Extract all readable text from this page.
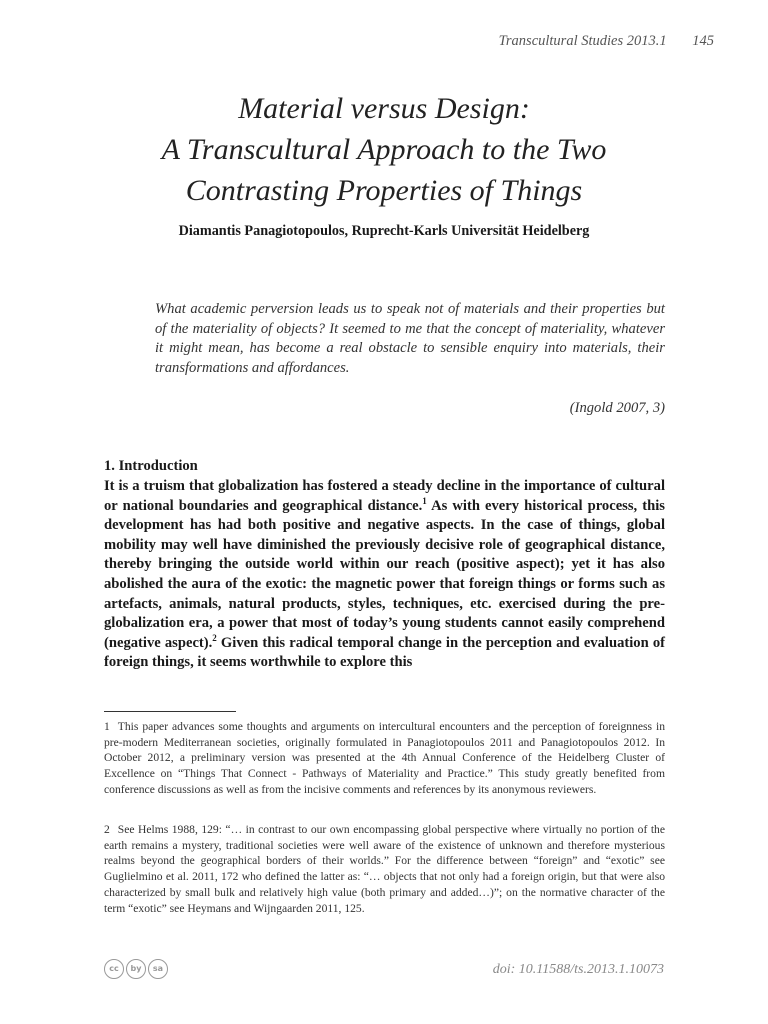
Transcultural Studies 2013.1 145
Material versus Design:
A Transcultural Approach to the Two
Contrasting Properties of Things
Diamantis Panagiotopoulos, Ruprecht-Karls Universität Heidelberg

What academic perversion leads us to speak not of materials and their properties but of the materiality of objects? It seemed to me that the concept of materiality, whatever it might mean, has become a real obstacle to sensible enquiry into materials, their transformations and affordances.

(Ingold 2007, 3)
1. Introduction

It is a truism that globalization has fostered a steady decline in the importance of cultural or national boundaries and geographical distance.$^1$ As with every historical process, this development has had both positive and negative aspects. In the case of things, global mobility may well have diminished the previously decisive role of geographical distance, thereby bringing the outside world within our reach (positive aspect); yet it has also abolished the aura of the exotic: the magnetic power that foreign things or forms such as artefacts, animals, natural products, styles, techniques, etc. exercised during the pre-globalization era, a power that most of today’s young students cannot easily comprehend (negative aspect).$^2$ Given this radical temporal change in the perception and evaluation of foreign things, it seems worthwhile to explore this

1 This paper advances some thoughts and arguments on intercultural encounters and the perception of foreignness in pre-modern Mediterranean societies, originally formulated in Panagiotopoulos 2011 and Panagiotopoulos 2012. In October 2012, a preliminary version was presented at the 4th Annual Conference of the Heidelberg Cluster of Excellence on “Things That Connect - Pathways of Materiality and Practice.” This study greatly benefited from conference discussions as well as from the incisive comments and references by its anonymous reviewers.

2 See Helms 1988, 129: “… in contrast to our own encompassing global perspective where virtually no portion of the earth remains a mystery, traditional societies were well aware of the existence of unknown and therefore mysterious realms beyond the geographical borders of their worlds.” For the difference between “foreign” and “exotic” see Guglielmino et al. 2011, 172 who defined the latter as: “… objects that not only had a foreign origin, but that were also characterized by small bulk and relatively high value (both primary and added…)”; on the normative character of the term “exotic” see Heymans and Wijngaarden 2011, 125.

cc	by	sa	doi: 10.11588/ts.2013.1.10073
